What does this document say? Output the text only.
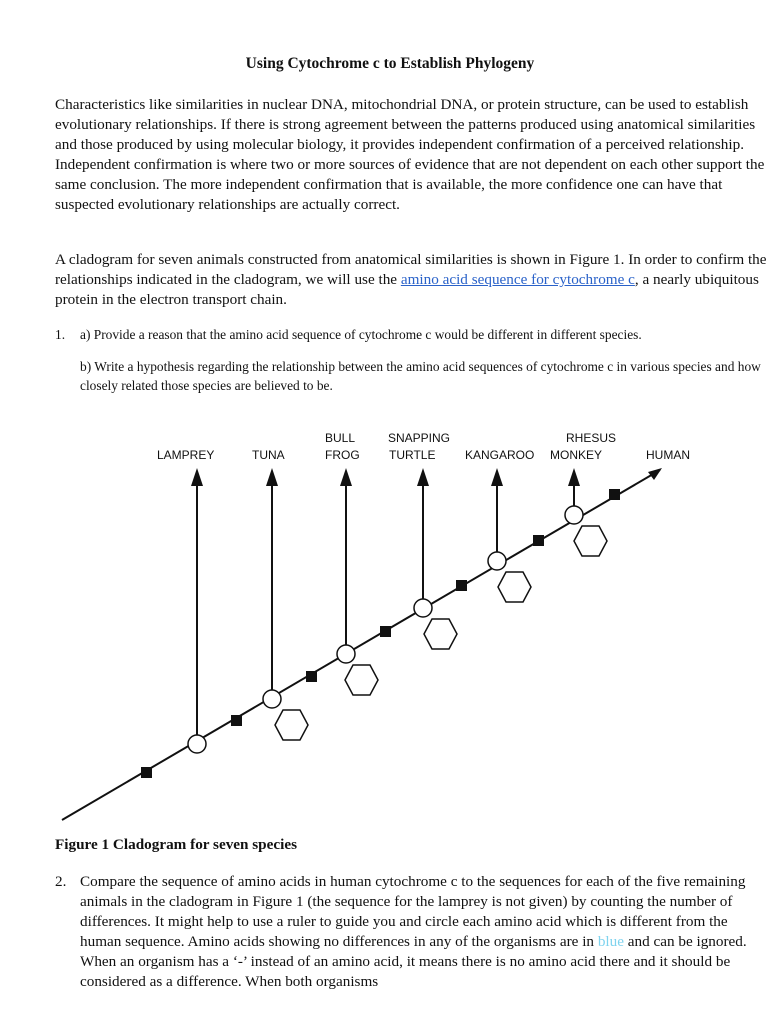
Using Cytochrome c to Establish Phylogeny

Characteristics like similarities in nuclear DNA, mitochondrial DNA, or protein structure, can be used to establish evolutionary relationships. If there is strong agreement between the patterns produced using anatomical similarities and those produced by using molecular biology, it provides independent confirmation of a perceived relationship. Independent confirmation is where two or more sources of evidence that are not dependent on each other support the same conclusion. The more independent confirmation that is available, the more confidence one can have that suspected evolutionary relationships are actually correct.

A cladogram for seven animals constructed from anatomical similarities is shown in Figure 1. In order to confirm the relationships indicated in the cladogram, we will use the amino acid sequence for cytochrome c, a nearly ubiquitous protein in the electron transport chain.

1. a) Provide a reason that the amino acid sequence of cytochrome c would be different in different species.
b) Write a hypothesis regarding the relationship between the amino acid sequences of cytochrome c in various species and how closely related those species are believed to be.
LAMPREY	TUNA
BULL
FROG
SNAPPING
TURTLE KANGAROO
RHESUS
MONKEY	HUMAN
Figure 1 Cladogram for seven species
2. Compare the sequence of amino acids in human cytochrome c to the sequences for each of the five remaining animals in the cladogram in Figure 1 (the sequence for the lamprey is not given) by counting the number of differences. It might help to use a ruler to guide you and circle each amino acid which is different from the human sequence. Amino acids showing no differences in any of the organisms are in blue and can be ignored. When an organism has a ‘-’ instead of an amino acid, it means there is no amino acid there and it should be considered as a difference. When both organisms
